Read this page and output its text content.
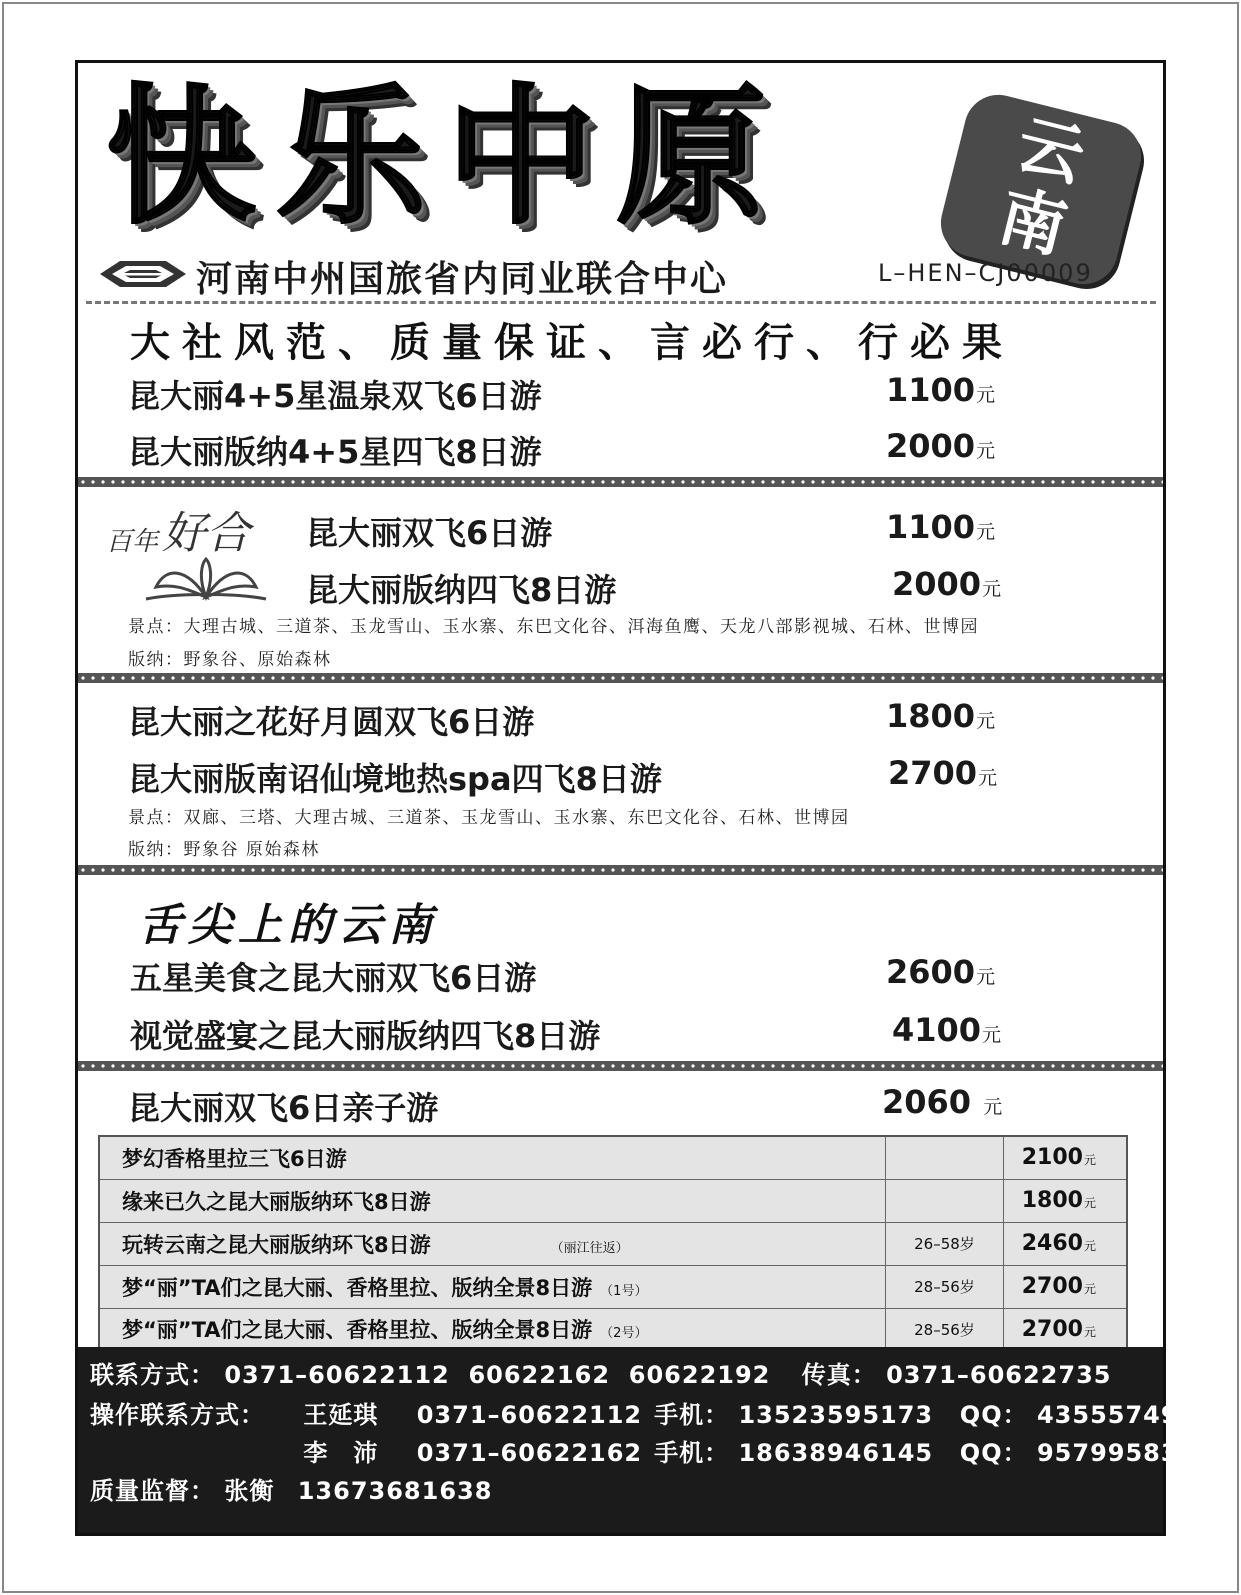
快乐中原	云
南
河南中州国旅省内同业联合中心	L–HEN–CJ00009
大社风范、质量保证、言必行、行必果
昆大丽4+5星温泉双飞6日游	1100元
昆大丽版纳4+5星四飞8日游	2000元
百年 好合 昆大丽双飞6日游	1100元
昆大丽版纳四飞8日游	2000元
景点：大理古城、三道茶、玉龙雪山、玉水寨、东巴文化谷、洱海鱼鹰、天龙八部影视城、石林、世博园
版纳：野象谷、原始森林
昆大丽之花好月圆双飞6日游	1800元
昆大丽版南诏仙境地热spa四飞8日游	2700元
景点：双廊、三塔、大理古城、三道茶、玉龙雪山、玉水寨、东巴文化谷、石林、世博园
版纳：野象谷 原始森林
舌尖上的云南
五星美食之昆大丽双飞6日游	2600元
视觉盛宴之昆大丽版纳四飞8日游	4100元
昆大丽双飞6日亲子游	2060 元
梦幻香格里拉三飞6日游		2100元
缘来已久之昆大丽版纳环飞8日游		1800元
玩转云南之昆大丽版纳环飞8日游 （丽江往返）	26–58岁	2460元
梦“丽”TA们之昆大丽、香格里拉、版纳全景8日游 （1号）	28–56岁	2700元
梦“丽”TA们之昆大丽、香格里拉、版纳全景8日游 （2号）	28–56岁	2700元
联系方式： 0371–60622112  60622162  60622192 传真： 0371–60622735
操作联系方式： 王延琪 0371–60622112 手机： 13523595173 QQ： 435557499
李　沛 0371–60622162 手机： 18638946145 QQ： 957995839
质量监督： 张衡 13673681638
